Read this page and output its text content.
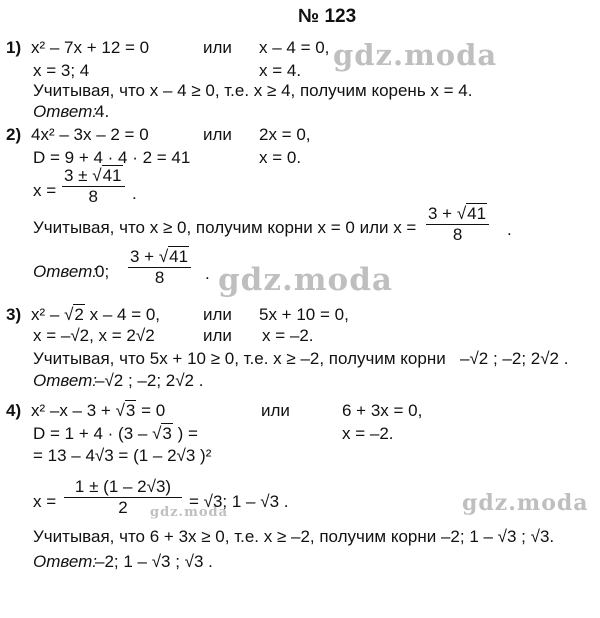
№ 123
gdz.moda
gdz.moda
gdz.moda
gdz.moda
1) x² – 7x + 12 = 0	или x – 4 = 0,
x = 3; 4	x = 4.
Учитывая, что x – 4 ≥ 0, т.е. x ≥ 4, получим корень x = 4.
Ответ:
4.
2) 4x² – 3x – 2 = 0	или 2x = 0,
D = 9 + 4 · 4 · 2 = 41	x = 0.
$x = \frac{3 \pm √41}{8}$ .
Учитывая, что x ≥ 0, получим корни x = 0 или $x = \frac{3 + √41}{8}$ .
Ответ:
0; $\frac{3 + √41}{8}$ .
3) x² – √2 x – 4 = 0,	или 5x + 10 = 0,
x = –√2, x = 2√2	или x = –2.
Учитывая, что 5x + 10 ≥ 0, т.е. x ≥ –2, получим корни –√2 ; –2; 2√2 .
Ответ:
–√2 ; –2; 2√2 .
4) x² –x – 3 + √3 = 0	или	6 + 3x = 0,
D = 1 + 4 · (3 – √3 ) =	x = –2.
= 13 – 4√3 = (1 – 2√3 )²
$x = \frac{1 \pm (1 - 2√3)}{2} = √3$; 1 – √3 .
Учитывая, что 6 + 3x ≥ 0, т.е. x ≥ –2, получим корни –2; 1 – √3 ; √3.
Ответ:
–2; 1 – √3 ; √3 .
